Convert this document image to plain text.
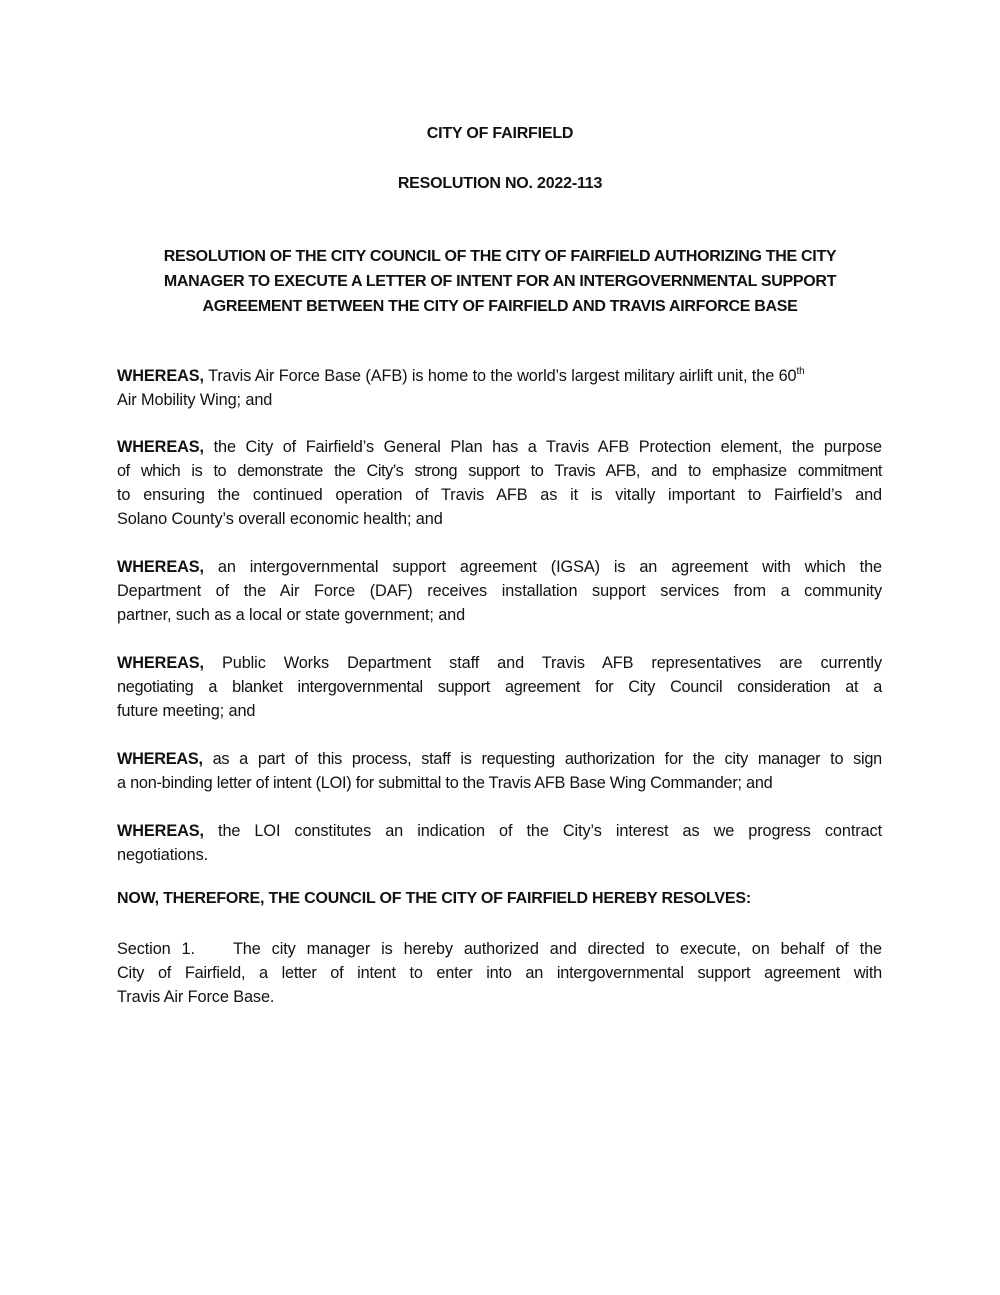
CITY OF FAIRFIELD
RESOLUTION NO. 2022-113
RESOLUTION OF THE CITY COUNCIL OF THE CITY OF FAIRFIELD AUTHORIZING THE CITY
MANAGER TO EXECUTE A LETTER OF INTENT FOR AN INTERGOVERNMENTAL SUPPORT
AGREEMENT BETWEEN THE CITY OF FAIRFIELD AND TRAVIS AIRFORCE BASE
WHEREAS, Travis Air Force Base (AFB) is home to the world’s largest military airlift unit, the 60th
Air Mobility Wing; and
WHEREAS, the City of Fairfield’s General Plan has a Travis AFB Protection element, the purpose
of which is to demonstrate the City’s strong support to Travis AFB, and to emphasize commitment
to ensuring the continued operation of Travis AFB as it is vitally important to Fairfield’s and
Solano County’s overall economic health; and
WHEREAS, an intergovernmental support agreement (IGSA) is an agreement with which the
Department of the Air Force (DAF) receives installation support services from a community
partner, such as a local or state government; and
WHEREAS, Public Works Department staff and Travis AFB representatives are currently
negotiating a blanket intergovernmental support agreement for City Council consideration at a
future meeting; and
WHEREAS, as a part of this process, staff is requesting authorization for the city manager to sign
a non-binding letter of intent (LOI) for submittal to the Travis AFB Base Wing Commander; and
WHEREAS, the LOI constitutes an indication of the City’s interest as we progress contract
negotiations.
NOW, THEREFORE, THE COUNCIL OF THE CITY OF FAIRFIELD HEREBY RESOLVES:
Section 1. The city manager is hereby authorized and directed to execute, on behalf of the
City of Fairfield, a letter of intent to enter into an intergovernmental support agreement with
Travis Air Force Base.
